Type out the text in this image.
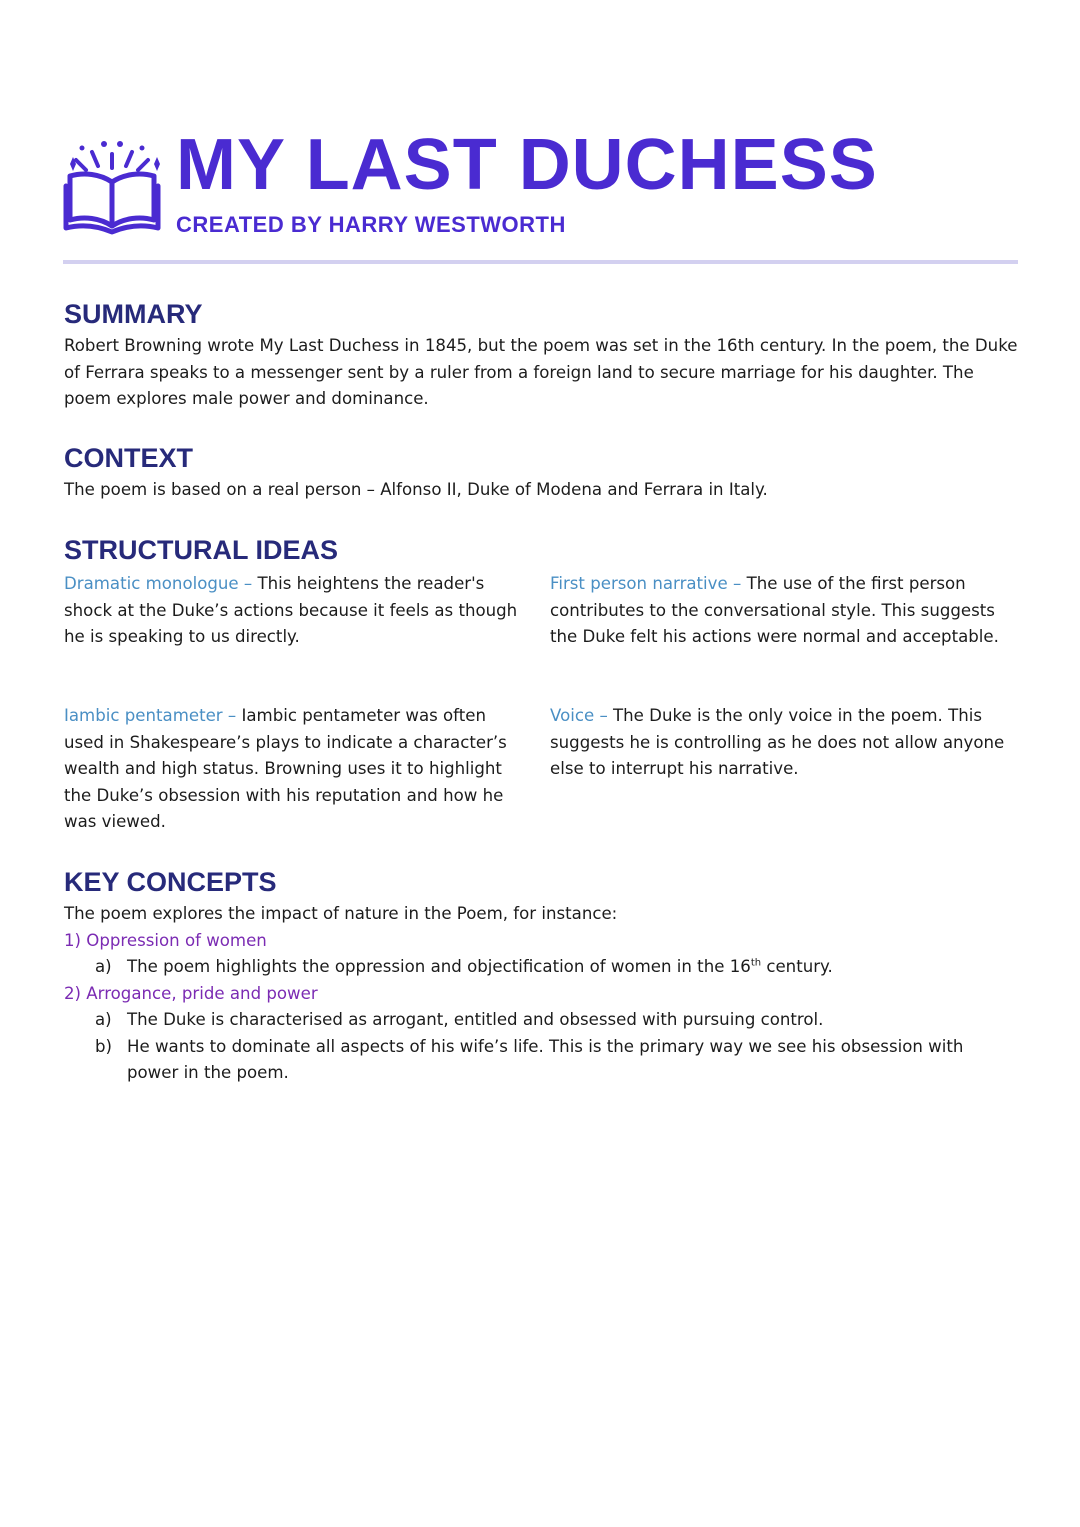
MY LAST DUCHESS
CREATED BY HARRY WESTWORTH
SUMMARY

Robert Browning wrote My Last Duchess in 1845, but the poem was set in the 16th century. In the poem, the Duke of Ferrara speaks to a messenger sent by a ruler from a foreign land to secure marriage for his daughter. The poem explores male power and dominance.

CONTEXT

The poem is based on a real person – Alfonso II, Duke of Modena and Ferrara in Italy.

STRUCTURAL IDEAS
Dramatic monologue – This heightens the reader's shock at the Duke’s actions because it feels as though he is speaking to us directly.
First person narrative – The use of the first person contributes to the conversational style. This suggests the Duke felt his actions were normal and acceptable.
Iambic pentameter – Iambic pentameter was often used in Shakespeare’s plays to indicate a character’s wealth and high status. Browning uses it to highlight the Duke’s obsession with his reputation and how he was viewed.
Voice – The Duke is the only voice in the poem. This suggests he is controlling as he does not allow anyone else to interrupt his narrative.
KEY CONCEPTS

The poem explores the impact of nature in the Poem, for instance:

1) Oppression of women
a) The poem highlights the oppression and objectification of women in the 16th century.
2) Arrogance, pride and power
a) The Duke is characterised as arrogant, entitled and obsessed with pursuing control.
b) He wants to dominate all aspects of his wife’s life. This is the primary way we see his obsession with power in the poem.
